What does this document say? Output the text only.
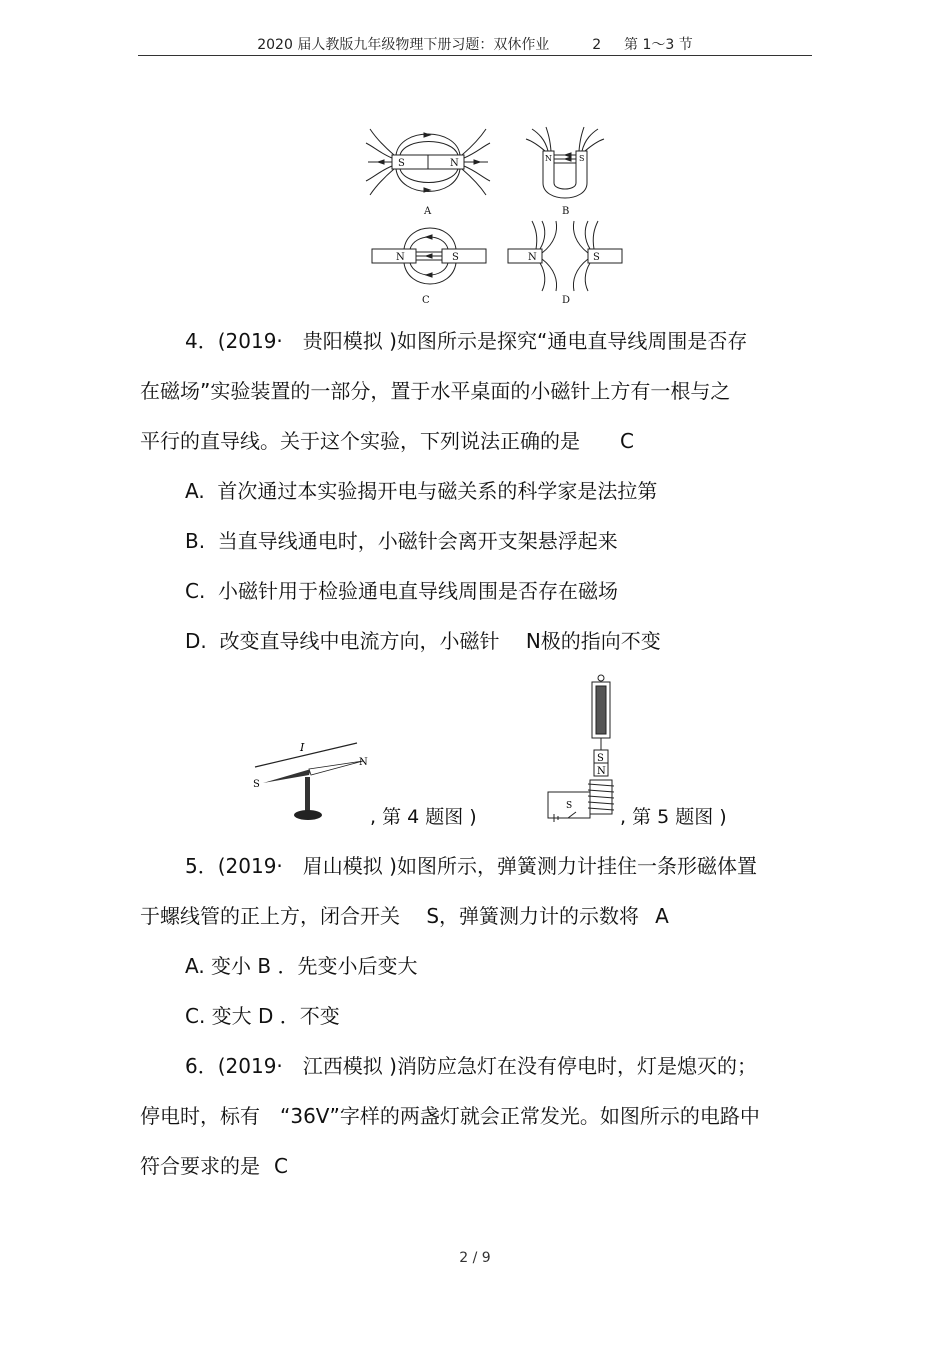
2020 届人教版九年级物理下册习题：双休作业	2 第 1～3 节
S	N
A
N	S
B
N	S
C
N	S
D
4．(2019·　贵阳模拟 )如图所示是探究“通电直导线周围是否存
在磁场”实验装置的一部分，置于水平桌面的小磁针上方有一根与之
平行的直导线。关于这个实验，下列说法正确的是 C
A. 首次通过本实验揭开电与磁关系的科学家是法拉第
B. 当直导线通电时，小磁针会离开支架悬浮起来
C. 小磁针用于检验通电直导线周围是否存在磁场
D. 改变直导线中电流方向，小磁针　 N极的指向不变
I
S
N
, 第 4 题图 )
S
N
S	, 第 5 题图 )
5．(2019·　眉山模拟 )如图所示，弹簧测力计挂住一条形磁体置
于螺线管的正上方，闭合开关　 S，弹簧测力计的示数将 A
A. 变小 B ．先变小后变大
C. 变大 D ．不变
6．(2019·　江西模拟 )消防应急灯在没有停电时，灯是熄灭的；
停电时，标有　“36V”字样的两盏灯就会正常发光。如图所示的电路中
符合要求的是 C
2 / 9
